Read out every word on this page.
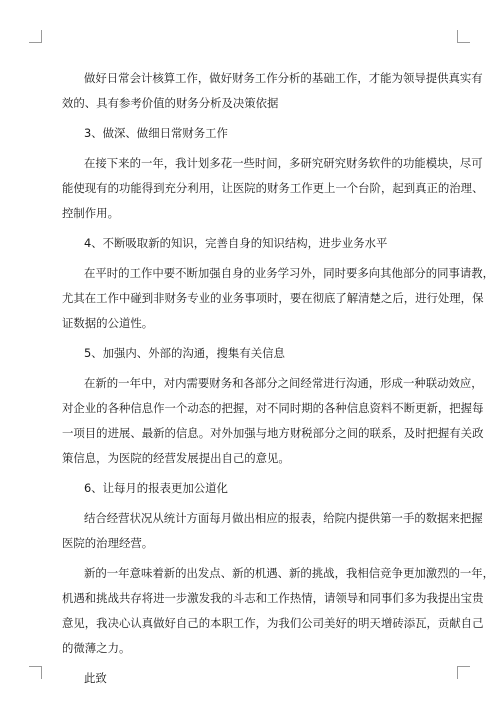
做好日常会计核算工作，做好财务工作分析的基础工作，才能为领导提供真实有
效的、具有参考价值的财务分析及决策依据
3、做深、做细日常财务工作
在接下来的一年，我计划多花一些时间，多研究研究财务软件的功能模块，尽可
能使现有的功能得到充分利用，让医院的财务工作更上一个台阶，起到真正的治理、
控制作用。
4、不断吸取新的知识，完善自身的知识结构，进步业务水平
在平时的工作中要不断加强自身的业务学习外，同时要多向其他部分的同事请教，
尤其在工作中碰到非财务专业的业务事项时，要在彻底了解清楚之后，进行处理，保
证数据的公道性。
5、加强内、外部的沟通，搜集有关信息
在新的一年中，对内需要财务和各部分之间经常进行沟通，形成一种联动效应，
对企业的各种信息作一个动态的把握，对不同时期的各种信息资料不断更新，把握每
一项目的进展、最新的信息。对外加强与地方财税部分之间的联系，及时把握有关政
策信息，为医院的经营发展提出自己的意见。
6、让每月的报表更加公道化
结合经营状况从统计方面每月做出相应的报表，给院内提供第一手的数据来把握
医院的治理经营。
新的一年意味着新的出发点、新的机遇、新的挑战，我相信竞争更加激烈的一年，
机遇和挑战共存将进一步激发我的斗志和工作热情，请领导和同事们多为我提出宝贵
意见，我决心认真做好自己的本职工作，为我们公司美好的明天增砖添瓦，贡献自己
的微薄之力。
此致
